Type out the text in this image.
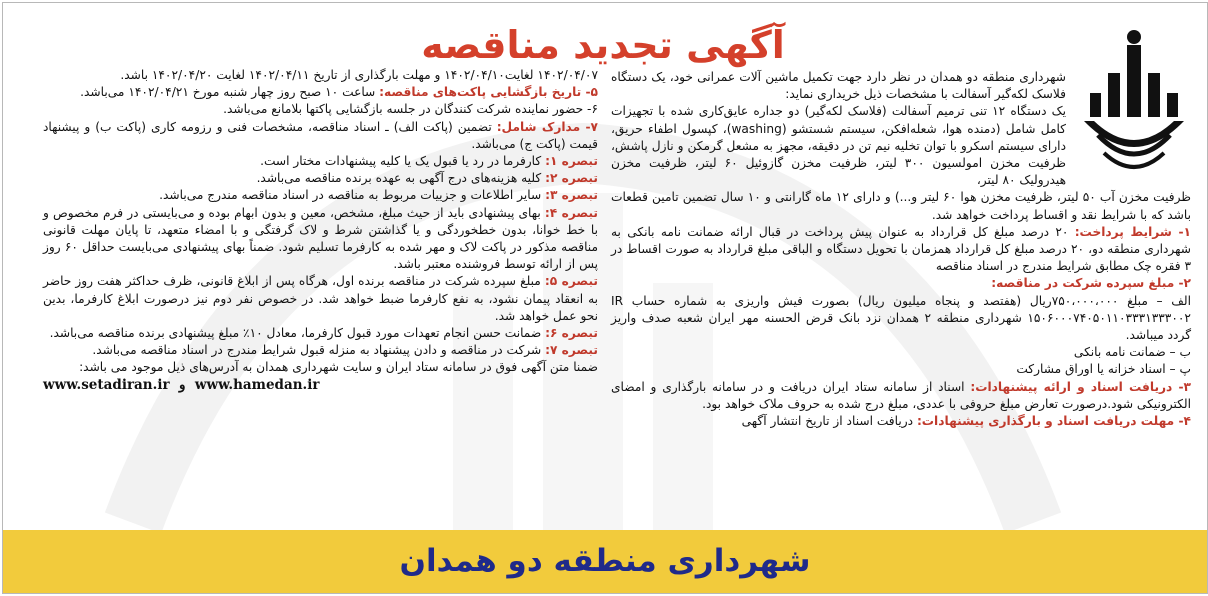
آگهی تجدید مناقصه

شهرداری منطقه دو همدان در نظر دارد جهت تکمیل ماشین آلات عمرانی خود، یک دستگاه فلاسک لکه‌گیر آسفالت با مشخصات ذیل خریداری نماید:

یک دستگاه ۱۲ تنی ترمیم آسفالت (فلاسک لکه‌گیر) دو جداره عایق‌کاری شده با تجهیزات کامل شامل (دمنده هوا، شعله‌افکن، سیستم شستشو (washing)، کپسول اطفاء حریق، دارای سیستم اسکرو با توان تخلیه نیم تن در دقیقه، مجهز به مشعل گرمکن و نازل پاشش، ظرفیت مخزن امولسیون ۳۰۰ لیتر، ظرفیت مخزن گازوئیل ۶۰ لیتر، ظرفیت مخزن هیدرولیک ۸۰ لیتر،

ظرفیت مخزن آب ۵۰ لیتر، ظرفیت مخزن هوا ۶۰ لیتر و...) و دارای ۱۲ ماه گارانتی و ۱۰ سال تضمین تامین قطعات باشد که با شرایط نقد و اقساط پرداخت خواهد شد.

۱- شرایط پرداخت: ۲۰ درصد مبلغ کل قرارداد به عنوان پیش پرداخت در قبال ارائه ضمانت نامه بانکی به شهرداری منطقه دو، ۲۰ درصد مبلغ کل قرارداد همزمان با تحویل دستگاه و الباقی مبلغ قرارداد به صورت اقساط در ۳ فقره چک مطابق شرایط مندرج در اسناد مناقصه

۲- مبلغ سپرده شرکت در مناقصه:

الف – مبلغ ۷۵۰،۰۰۰،۰۰۰ریال (هفتصد و پنجاه میلیون ریال) بصورت فیش واریزی به شماره حساب IR ۱۵۰۶۰۰۰۷۴۰۵۰۱۱۰۳۳۳۱۳۳۳۰۰۲ شهرداری منطقه ۲ همدان نزد بانک قرض الحسنه مهر ایران شعبه صدف واریز گردد میباشد.

ب – ضمانت نامه بانکی

پ – اسناد خزانه یا اوراق مشارکت

۳- دریافت اسناد و ارائه پیشنهادات: اسناد از سامانه ستاد ایران دریافت و در سامانه بارگذاری و امضای الکترونیکی شود.درصورت تعارض مبلغ حروفی با عددی، مبلغ درج شده به حروف ملاک خواهد بود.

۴- مهلت دریافت اسناد و بارگذاری پیشنهادات: دریافت اسناد از تاریخ انتشار آگهی

۱۴۰۲/۰۴/۰۷ لغایت۱۴۰۲/۰۴/۱۰ و مهلت بارگذاری از تاریخ ۱۴۰۲/۰۴/۱۱ لغایت ۱۴۰۲/۰۴/۲۰ باشد.

۵- تاریخ بازگشایی پاکت‌های مناقصه: ساعت ۱۰ صبح روز چهار شنبه مورخ ۱۴۰۲/۰۴/۲۱ می‌باشد.

۶- حضور نماینده شرکت کنندگان در جلسه بازگشایی پاکتها بلامانع می‌باشد.

۷- مدارک شامل: تضمین (پاکت الف) ـ اسناد مناقصه، مشخصات فنی و رزومه کاری (پاکت ب) و پیشنهاد قیمت (پاکت ج) می‌باشد.

تبصره ۱: کارفرما در رد یا قبول یک یا کلیه پیشنهادات مختار است.

تبصره ۲: کلیه هزینه‌های درج آگهی به عهده برنده مناقصه می‌باشد.

تبصره ۳: سایر اطلاعات و جزییات مربوط به مناقصه در اسناد مناقصه مندرج می‌باشد.

تبصره ۴: بهای پیشنهادی باید از حیث مبلغ، مشخص، معین و بدون ابهام بوده و می‌بایستی در فرم مخصوص و با خط خوانا، بدون خطخوردگی و یا گذاشتن شرط و لاک گرفتگی و با امضاء متعهد، تا پایان مهلت قانونی مناقصه مذکور در پاکت لاک و مهر شده به کارفرما تسلیم شود. ضمناً بهای پیشنهادی می‌بایست حداقل ۶۰ روز پس از ارائه توسط فروشنده معتبر باشد.

تبصره ۵: مبلغ سپرده شرکت در مناقصه برنده اول، هرگاه پس از ابلاغ قانونی، ظرف حداکثر هفت روز حاضر به انعقاد پیمان نشود، به نفع کارفرما ضبط خواهد شد. در خصوص نفر دوم نیز درصورت ابلاغ کارفرما، بدین نحو عمل خواهد شد.

تبصره ۶: ضمانت حسن انجام تعهدات مورد قبول کارفرما، معادل ۱۰٪ مبلغ پیشنهادی برنده مناقصه می‌باشد.

تبصره ۷: شرکت در مناقصه و دادن پیشنهاد به منزله قبول شرایط مندرج در اسناد مناقصه می‌باشد.

ضمنا متن آگهی فوق در سامانه ستاد ایران و سایت شهرداری همدان به آدرس‌های ذیل موجود می باشد:

www.setadiran.ir و www.hamedan.ir

شهرداری منطقه دو همدان
